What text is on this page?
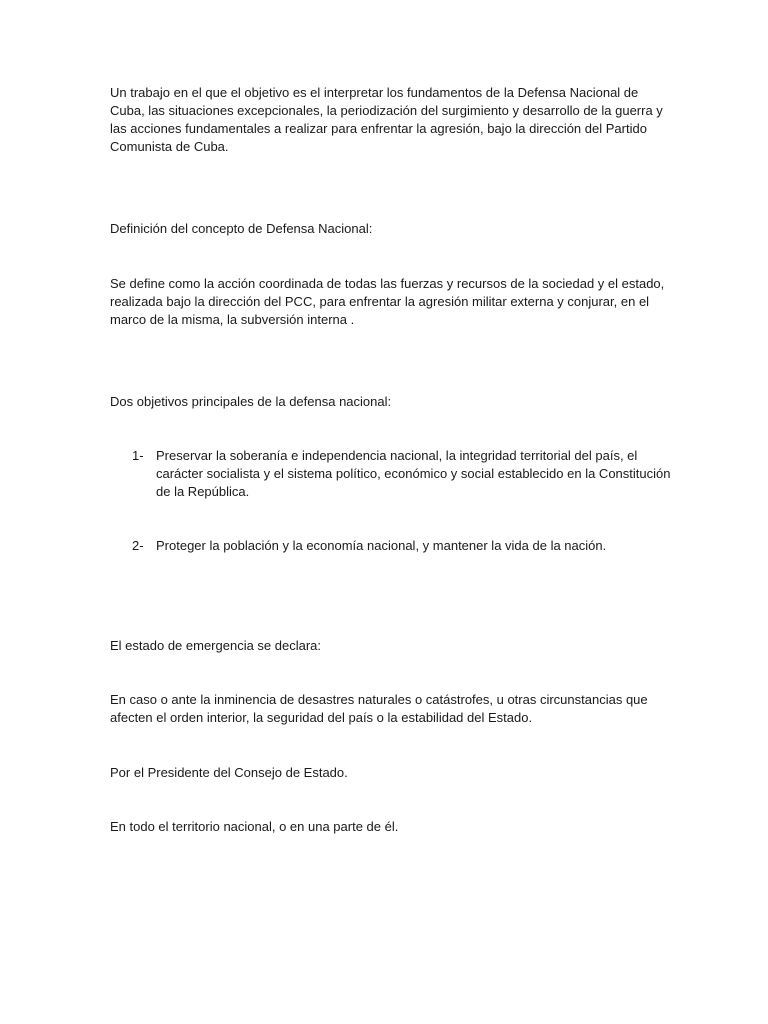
Un trabajo en el que el objetivo es el interpretar los fundamentos de la Defensa Nacional de Cuba, las situaciones excepcionales, la periodización del surgimiento y desarrollo de la guerra y las acciones fundamentales a realizar para enfrentar la agresión, bajo la dirección del Partido Comunista de Cuba.

Definición del concepto de Defensa Nacional:

Se define como la acción coordinada de todas las fuerzas y recursos de la sociedad y el estado, realizada bajo la dirección del PCC, para enfrentar la agresión militar externa y conjurar, en el marco de la misma, la subversión interna .

Dos objetivos principales de la defensa nacional:

1- Preservar la soberanía e independencia nacional, la integridad territorial del país, el carácter socialista y el sistema político, económico y social establecido en la Constitución de la República.
2- Proteger la población y la economía nacional, y mantener la vida de la nación.

El estado de emergencia se declara:

En caso o ante la inminencia de desastres naturales o catástrofes, u otras circunstancias que afecten el orden interior, la seguridad del país o la estabilidad del Estado.

Por el Presidente del Consejo de Estado.

En todo el territorio nacional, o en una parte de él.
